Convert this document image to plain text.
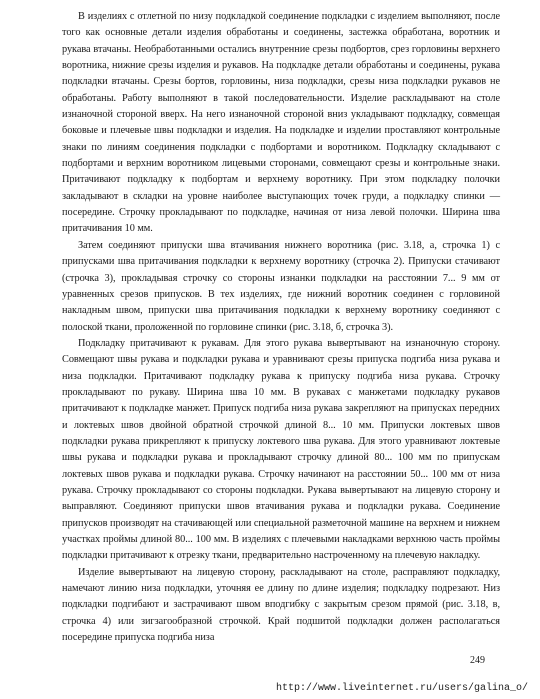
В изделиях с отлетной по низу подкладкой соединение подкладки с изделием выполняют, после того как основные детали изделия обработаны и соединены, застежка обработана, воротник и рукава втачаны. Необработанными остались внутренние срезы подбортов, срез горловины верхнего воротника, нижние срезы изделия и рукавов. На подкладке детали обработаны и соединены, рукава подкладки втачаны. Срезы бортов, горловины, низа подкладки, срезы низа подкладки рукавов не обработаны. Работу выполняют в такой последовательности. Изделие раскладывают на столе изнаночной стороной вверх. На него изнаночной стороной вниз укладывают подкладку, совмещая боковые и плечевые швы подкладки и изделия. На подкладке и изделии проставляют контрольные знаки по линиям соединения подкладки с подбортами и воротником. Подкладку складывают с подбортами и верхним воротником лицевыми сторонами, совмещают срезы и контрольные знаки. Притачивают подкладку к подбортам и верхнему воротнику. При этом подкладку полочки закладывают в складки на уровне наиболее выступающих точек груди, а подкладку спинки — посередине. Строчку прокладывают по подкладке, начиная от низа левой полочки. Ширина шва притачивания 10 мм.

Затем соединяют припуски шва втачивания нижнего воротника (рис. 3.18, а, строчка 1) с припусками шва притачивания подкладки к верхнему воротнику (строчка 2). Припуски стачивают (строчка 3), прокладывая строчку со стороны изнанки подкладки на расстоянии 7... 9 мм от уравненных срезов припусков. В тех изделиях, где нижний воротник соединен с горловиной накладным швом, припуски шва притачивания подкладки к верхнему воротнику соединяют с полоской ткани, проложенной по горловине спинки (рис. 3.18, б, строчка 3).

Подкладку притачивают к рукавам. Для этого рукава вывертывают на изнаночную сторону. Совмещают швы рукава и подкладки рукава и уравнивают срезы припуска подгиба низа рукава и низа подкладки. Притачивают подкладку рукава к припуску подгиба низа рукава. Строчку прокладывают по рукаву. Ширина шва 10 мм. В рукавах с манжетами подкладку рукавов притачивают к подкладке манжет. Припуск подгиба низа рукава закрепляют на припусках передних и локтевых швов двойной обратной строчкой длиной 8... 10 мм. Припуски локтевых швов подкладки рукава прикрепляют к припуску локтевого шва рукава. Для этого уравнивают локтевые швы рукава и подкладки рукава и прокладывают строчку длиной 80... 100 мм по припускам локтевых швов рукава и подкладки рукава. Строчку начинают на расстоянии 50... 100 мм от низа рукава. Строчку прокладывают со стороны подкладки. Рукава вывертывают на лицевую сторону и выправляют. Соединяют припуски швов втачивания рукава и подкладки рукава. Соединение припусков производят на стачивающей или специальной разметочной машине на верхнем и нижнем участках проймы длиной 80... 100 мм. В изделиях с плечевыми накладками верхнюю часть проймы подкладки притачивают к отрезку ткани, предварительно настроченному на плечевую накладку.

Изделие вывертывают на лицевую сторону, раскладывают на столе, расправляют подкладку, намечают линию низа подкладки, уточняя ее длину по длине изделия; подкладку подрезают. Низ подкладки подгибают и застрачивают швом вподгибку с закрытым срезом прямой (рис. 3.18, в, строчка 4) или зигзагообразной строчкой. Край подшитой подкладки должен располагаться посередине припуска подгиба низа

249
http://www.liveinternet.ru/users/galina_o/
